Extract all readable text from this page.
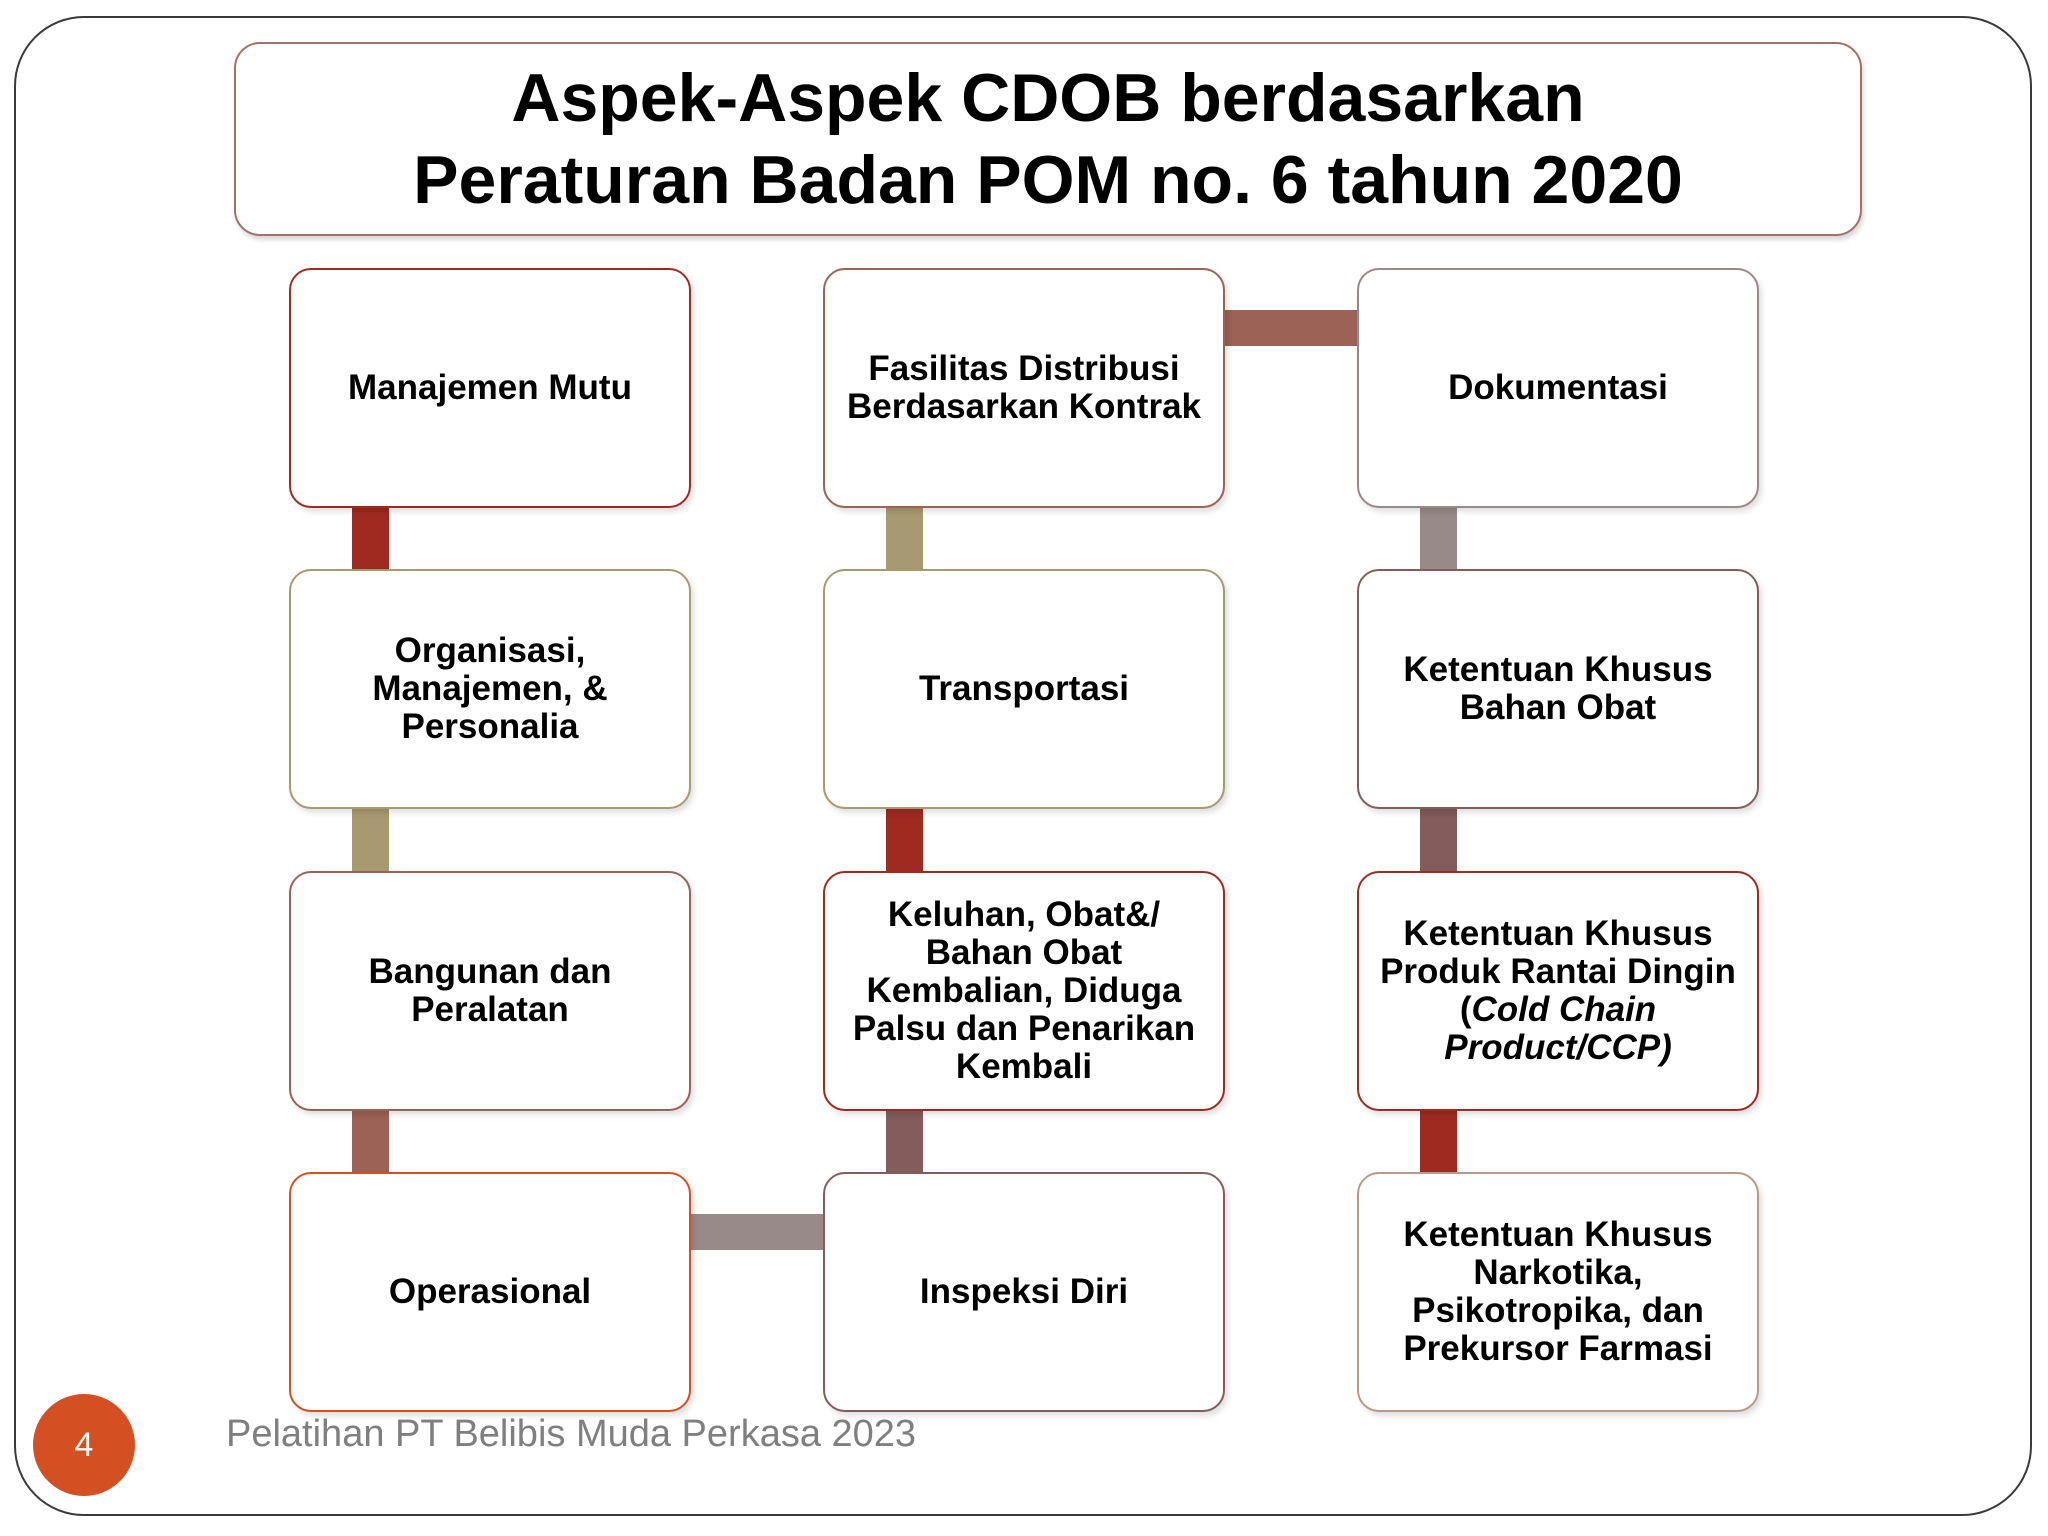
Aspek-Aspek CDOB berdasarkan
Peraturan Badan POM no. 6 tahun 2020
Manajemen Mutu
Organisasi, Manajemen, & Personalia
Bangunan dan Peralatan
Operasional
Fasilitas Distribusi Berdasarkan Kontrak
Transportasi
Keluhan, Obat&/ Bahan Obat Kembalian, Diduga Palsu dan Penarikan Kembali
Inspeksi Diri
Dokumentasi
Ketentuan Khusus Bahan Obat
Ketentuan Khusus Produk Rantai Dingin (Cold Chain Product/CCP)
Ketentuan Khusus Narkotika, Psikotropika, dan Prekursor Farmasi
4	Pelatihan PT Belibis Muda Perkasa 2023
